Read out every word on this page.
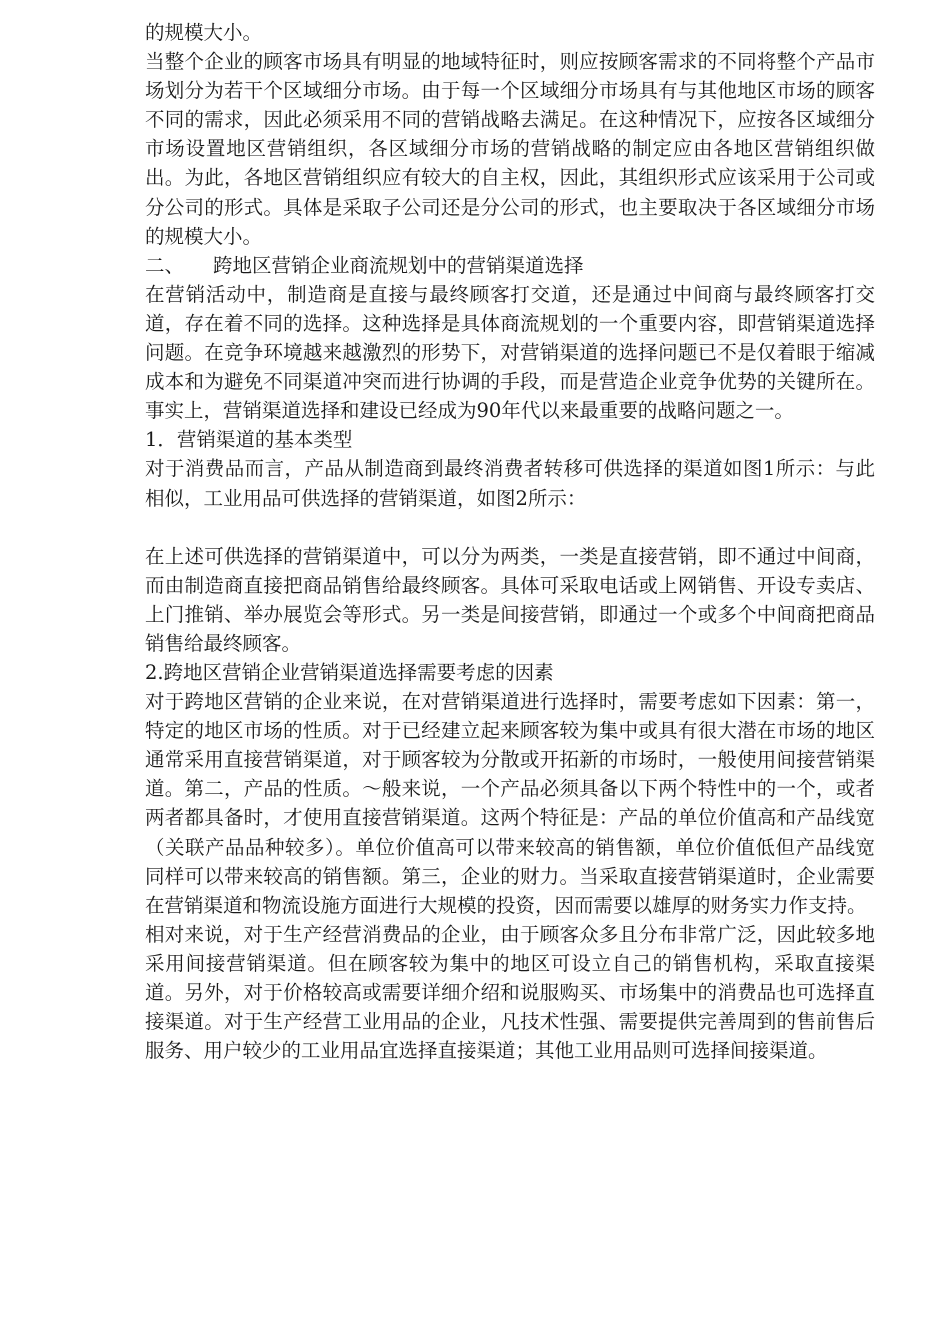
的规模大小。

当整个企业的顾客市场具有明显的地域特征时，则应按顾客需求的不同将整个产品市场划分为若干个区域细分市场。由于每一个区域细分市场具有与其他地区市场的顾客不同的需求，因此必须采用不同的营销战略去满足。在这种情况下，应按各区域细分市场设置地区营销组织，各区域细分市场的营销战略的制定应由各地区营销组织做出。为此，各地区营销组织应有较大的自主权，因此，其组织形式应该采用于公司或分公司的形式。具体是采取子公司还是分公司的形式，也主要取决于各区域细分市场的规模大小。

二、 跨地区营销企业商流规划中的营销渠道选择

在营销活动中，制造商是直接与最终顾客打交道，还是通过中间商与最终顾客打交道，存在着不同的选择。这种选择是具体商流规划的一个重要内容，即营销渠道选择问题。在竞争环境越来越激烈的形势下，对营销渠道的选择问题已不是仅着眼于缩减成本和为避免不同渠道冲突而进行协调的手段，而是营造企业竞争优势的关键所在。事实上，营销渠道选择和建设已经成为90年代以来最重要的战略问题之一。

1．营销渠道的基本类型

对于消费品而言，产品从制造商到最终消费者转移可供选择的渠道如图1所示：与此相似，工业用品可供选择的营销渠道，如图2所示：

在上述可供选择的营销渠道中，可以分为两类，一类是直接营销，即不通过中间商，而由制造商直接把商品销售给最终顾客。具体可采取电话或上网销售、开设专卖店、上门推销、举办展览会等形式。另一类是间接营销，即通过一个或多个中间商把商品销售给最终顾客。

2.跨地区营销企业营销渠道选择需要考虑的因素

对于跨地区营销的企业来说，在对营销渠道进行选择时，需要考虑如下因素：第一，特定的地区市场的性质。对于已经建立起来顾客较为集中或具有很大潜在市场的地区通常采用直接营销渠道，对于顾客较为分散或开拓新的市场时，一般使用间接营销渠道。第二，产品的性质。～般来说，一个产品必须具备以下两个特性中的一个，或者两者都具备时，才使用直接营销渠道。这两个特征是：产品的单位价值高和产品线宽（关联产品品种较多）。单位价值高可以带来较高的销售额，单位价值低但产品线宽同样可以带来较高的销售额。第三，企业的财力。当采取直接营销渠道时，企业需要在营销渠道和物流设施方面进行大规模的投资，因而需要以雄厚的财务实力作支持。

相对来说，对于生产经营消费品的企业，由于顾客众多且分布非常广泛，因此较多地采用间接营销渠道。但在顾客较为集中的地区可设立自己的销售机构，采取直接渠道。另外，对于价格较高或需要详细介绍和说服购买、市场集中的消费品也可选择直接渠道。对于生产经营工业用品的企业，凡技术性强、需要提供完善周到的售前售后服务、用户较少的工业用品宜选择直接渠道；其他工业用品则可选择间接渠道。
